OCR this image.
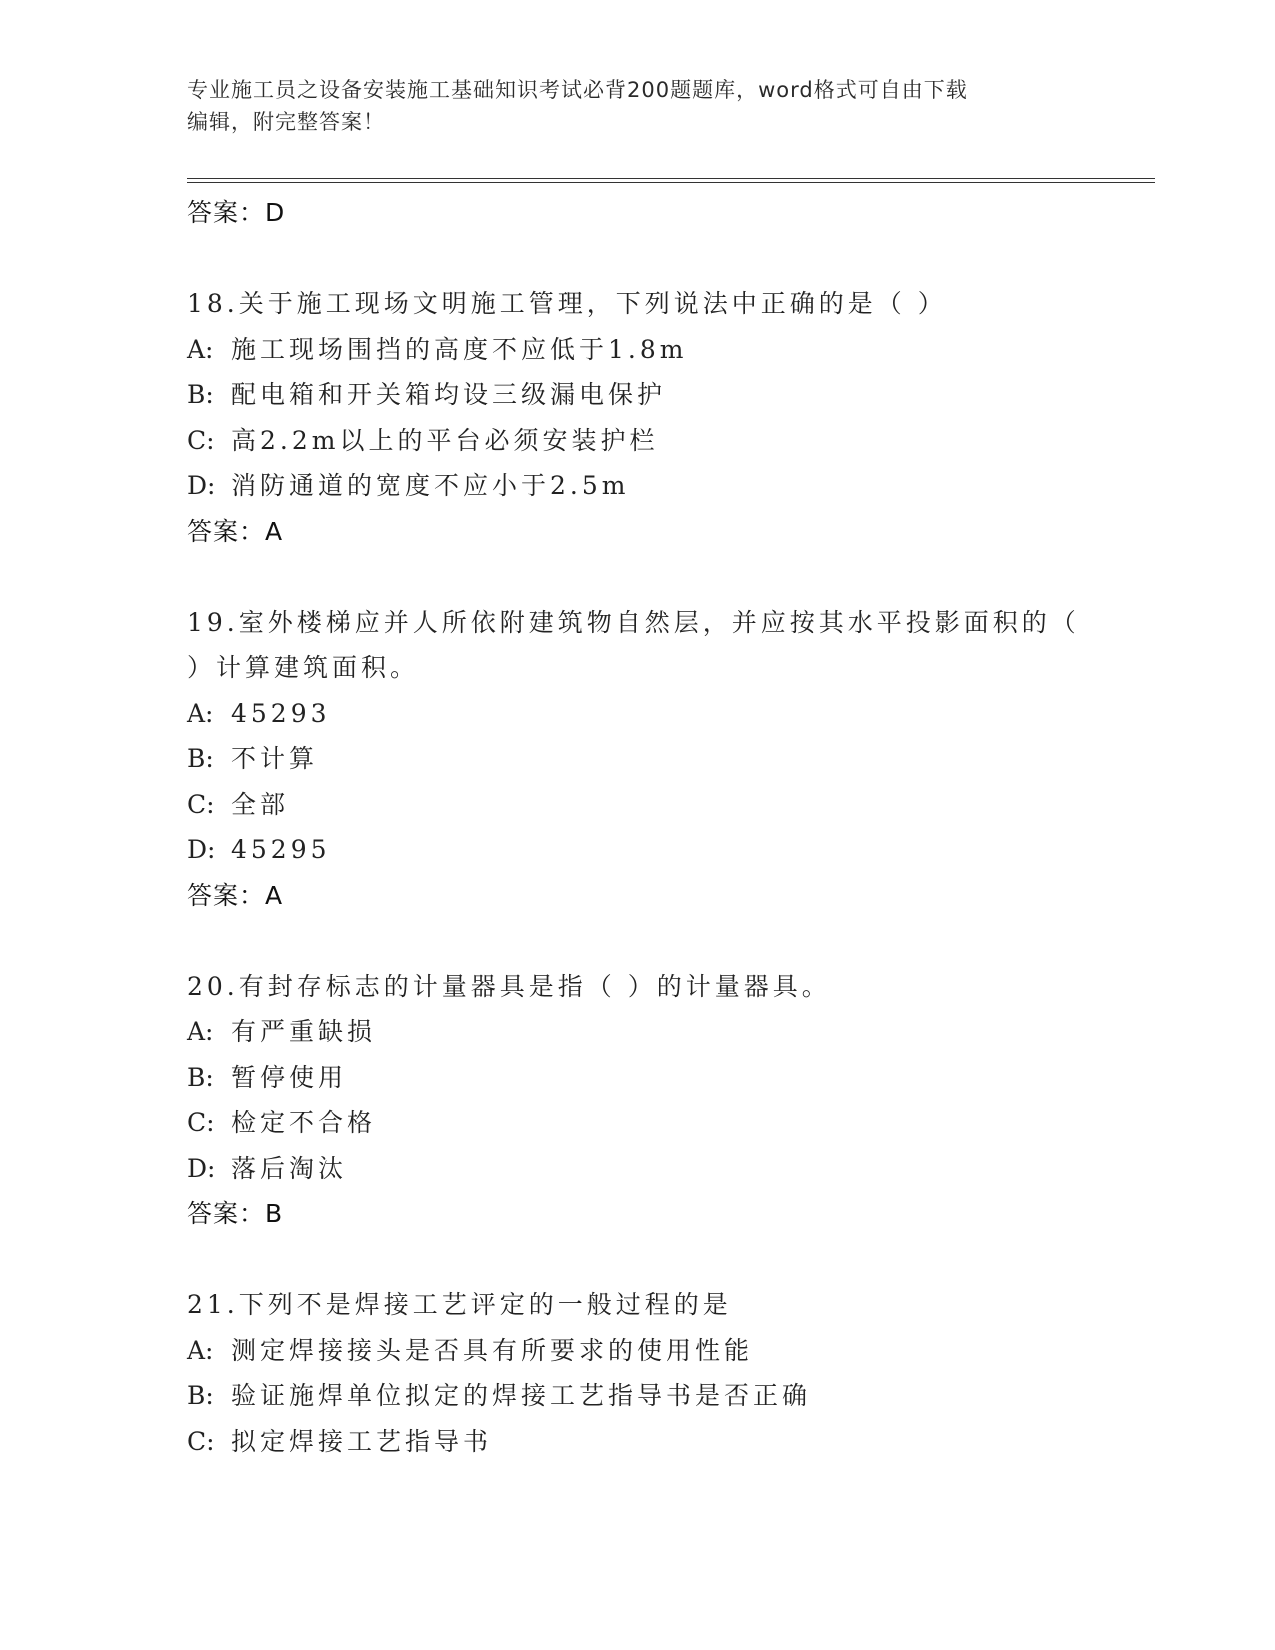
专业施工员之设备安装施工基础知识考试必背200题题库，word格式可自由下载
编辑，附完整答案！
答案：D
18.关于施工现场文明施工管理，下列说法中正确的是（ ）
A: 施工现场围挡的高度不应低于1.8m
B: 配电箱和开关箱均设三级漏电保护
C: 高2.2m以上的平台必须安装护栏
D: 消防通道的宽度不应小于2.5m
答案：A
19.室外楼梯应并人所依附建筑物自然层，并应按其水平投影面积的（
）计算建筑面积。
A: 45293
B: 不计算
C: 全部
D: 45295
答案：A
20.有封存标志的计量器具是指（ ）的计量器具。
A: 有严重缺损
B: 暂停使用
C: 检定不合格
D: 落后淘汰
答案：B
21.下列不是焊接工艺评定的一般过程的是
A: 测定焊接接头是否具有所要求的使用性能
B: 验证施焊单位拟定的焊接工艺指导书是否正确
C: 拟定焊接工艺指导书
